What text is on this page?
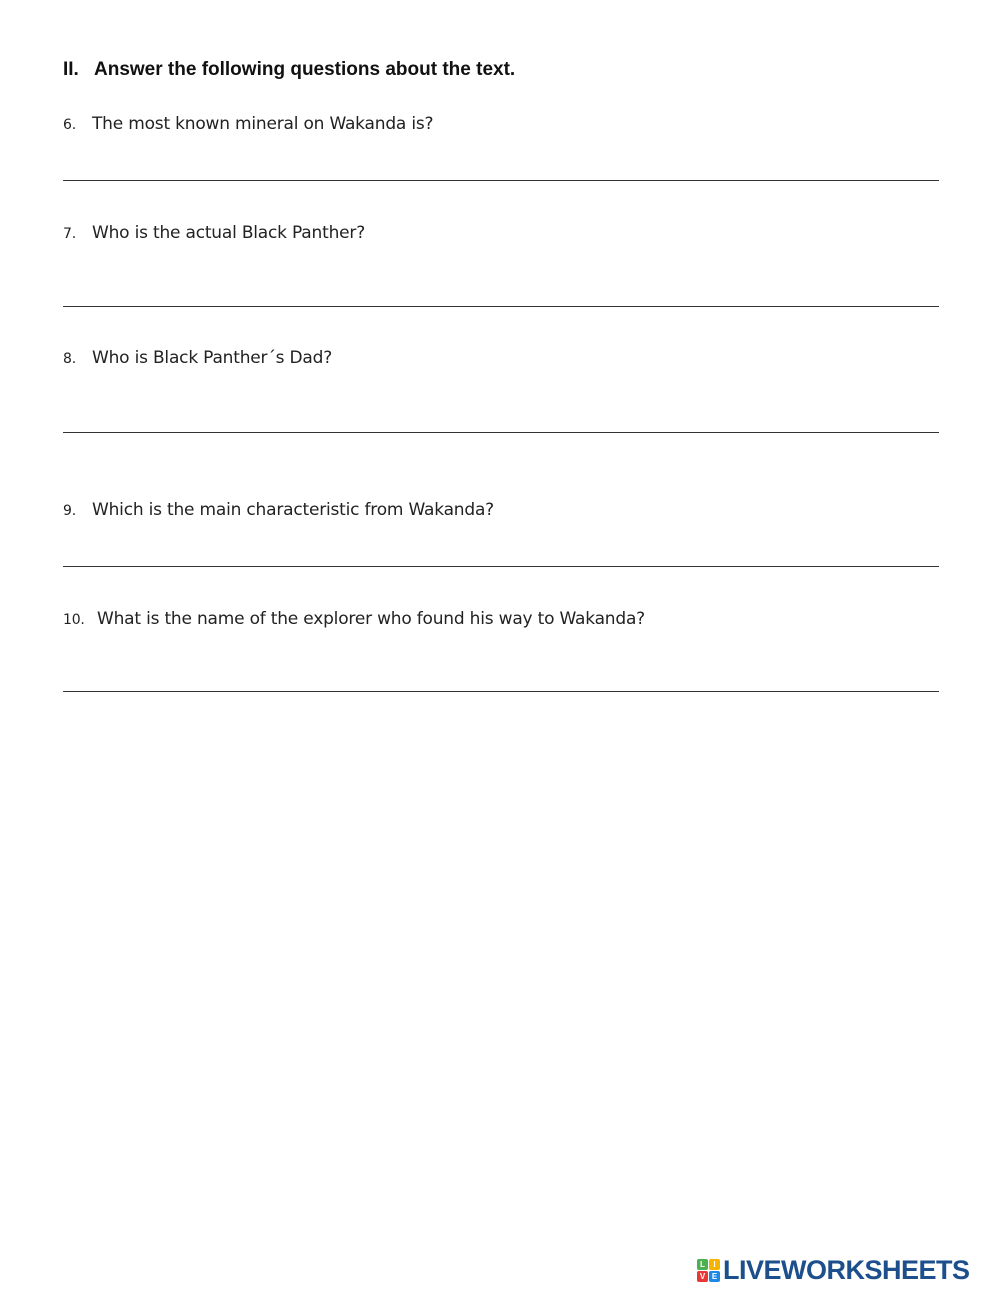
II. Answer the following questions about the text.
6. The most known mineral on Wakanda is?
7. Who is the actual Black Panther?
8. Who is Black Panther´s Dad?
9. Which is the main characteristic from Wakanda?
10. What is the name of the explorer who found his way to Wakanda?
L	I
V E LIVEWORKSHEETS
